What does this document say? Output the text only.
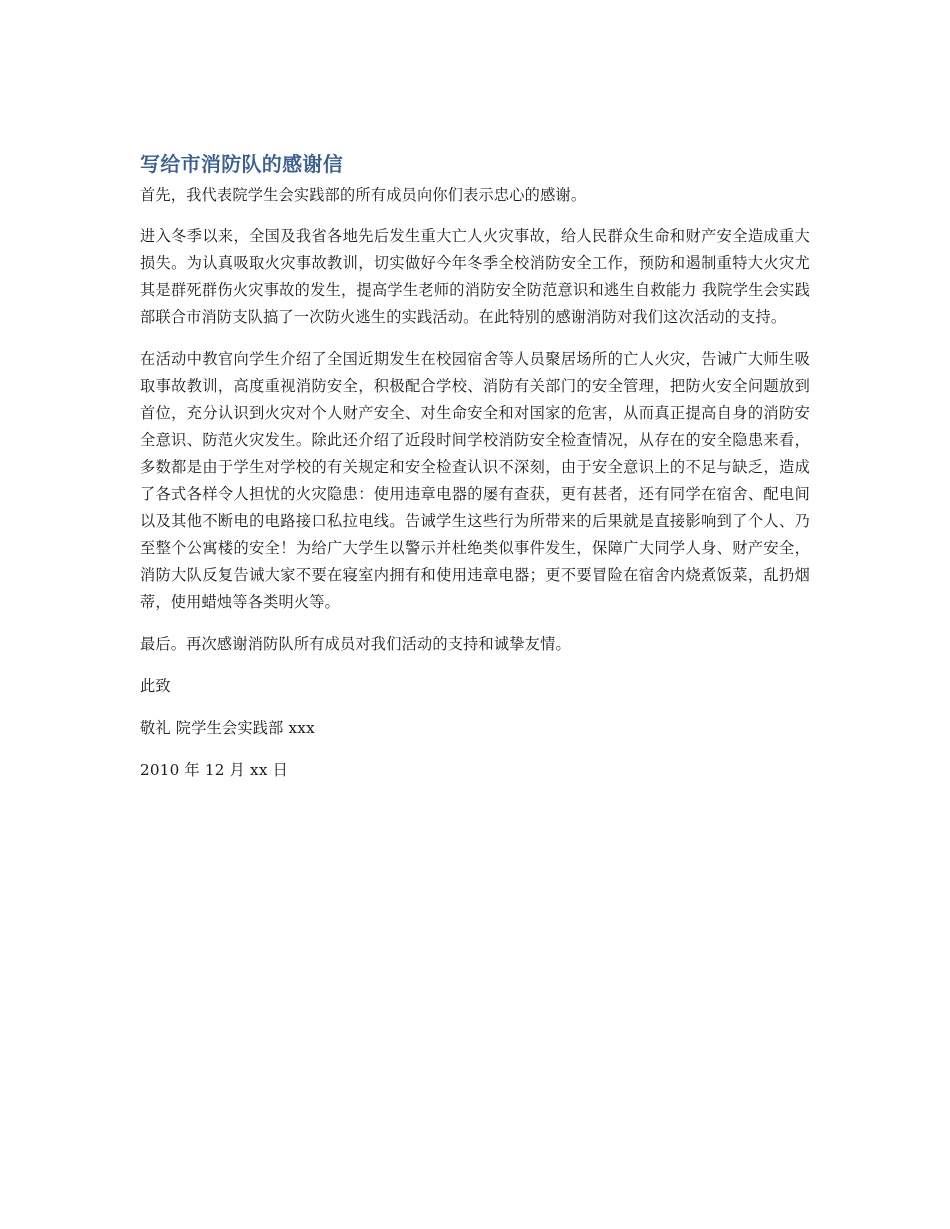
写给市消防队的感谢信

首先，我代表院学生会实践部的所有成员向你们表示忠心的感谢。

进入冬季以来，全国及我省各地先后发生重大亡人火灾事故，给人民群众生命和财产安全造成重大损失。为认真吸取火灾事故教训，切实做好今年冬季全校消防安全工作，预防和遏制重特大火灾尤其是群死群伤火灾事故的发生，提高学生老师的消防安全防范意识和逃生自救能力 我院学生会实践部联合市消防支队搞了一次防火逃生的实践活动。在此特别的感谢消防对我们这次活动的支持。

在活动中教官向学生介绍了全国近期发生在校园宿舍等人员聚居场所的亡人火灾，告诫广大师生吸取事故教训，高度重视消防安全，积极配合学校、消防有关部门的安全管理，把防火安全问题放到首位，充分认识到火灾对个人财产安全、对生命安全和对国家的危害，从而真正提高自身的消防安全意识、防范火灾发生。除此还介绍了近段时间学校消防安全检查情况，从存在的安全隐患来看，多数都是由于学生对学校的有关规定和安全检查认识不深刻，由于安全意识上的不足与缺乏，造成了各式各样令人担忧的火灾隐患：使用违章电器的屡有查获，更有甚者，还有同学在宿舍、配电间以及其他不断电的电路接口私拉电线。告诫学生这些行为所带来的后果就是直接影响到了个人、乃至整个公寓楼的安全！为给广大学生以警示并杜绝类似事件发生，保障广大同学人身、财产安全，消防大队反复告诫大家不要在寝室内拥有和使用违章电器；更不要冒险在宿舍内烧煮饭菜，乱扔烟蒂，使用蜡烛等各类明火等。

最后。再次感谢消防队所有成员对我们活动的支持和诚挚友情。

此致

敬礼 院学生会实践部 xxx

2010 年 12 月 xx 日
